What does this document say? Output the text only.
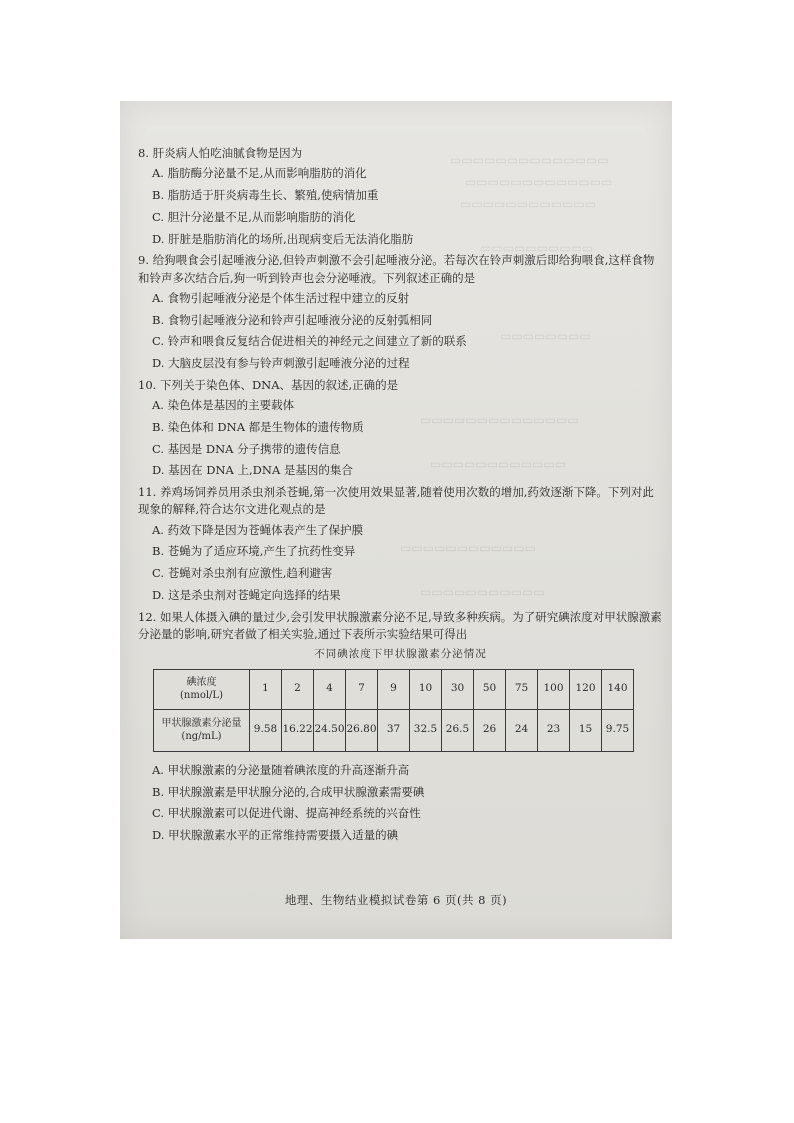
▭▭▭▭▭▭▭▭▭▭▭▭▭▭
▭▭▭▭▭▭▭▭▭▭▭▭▭
▭▭▭▭▭▭▭▭▭▭▭▭
▭▭▭▭▭▭▭▭▭▭
▭▭▭▭▭▭▭▭
▭▭▭▭▭▭▭▭▭▭▭▭▭▭
▭▭▭▭▭▭▭▭▭▭▭▭
▭▭▭▭▭▭▭▭▭▭▭▭
▭▭▭▭▭▭▭▭▭▭▭

8. 肝炎病人怕吃油腻食物是因为

A. 脂肪酶分泌量不足,从而影响脂肪的消化

B. 脂肪适于肝炎病毒生长、繁殖,使病情加重

C. 胆汁分泌量不足,从而影响脂肪的消化

D. 肝脏是脂肪消化的场所,出现病变后无法消化脂肪

9. 给狗喂食会引起唾液分泌,但铃声刺激不会引起唾液分泌。若每次在铃声刺激后即给狗喂食,这样食物和铃声多次结合后,狗一听到铃声也会分泌唾液。下列叙述正确的是

A. 食物引起唾液分泌是个体生活过程中建立的反射

B. 食物引起唾液分泌和铃声引起唾液分泌的反射弧相同

C. 铃声和喂食反复结合促进相关的神经元之间建立了新的联系

D. 大脑皮层没有参与铃声刺激引起唾液分泌的过程

10. 下列关于染色体、DNA、基因的叙述,正确的是

A. 染色体是基因的主要载体

B. 染色体和 DNA 都是生物体的遗传物质

C. 基因是 DNA 分子携带的遗传信息

D. 基因在 DNA 上,DNA 是基因的集合

11. 养鸡场饲养员用杀虫剂杀苍蝇,第一次使用效果显著,随着使用次数的增加,药效逐渐下降。下列对此现象的解释,符合达尔文进化观点的是

A. 药效下降是因为苍蝇体表产生了保护膜

B. 苍蝇为了适应环境,产生了抗药性变异

C. 苍蝇对杀虫剂有应激性,趋利避害

D. 这是杀虫剂对苍蝇定向选择的结果

12. 如果人体摄入碘的量过少,会引发甲状腺激素分泌不足,导致多种疾病。为了研究碘浓度对甲状腺激素分泌量的影响,研究者做了相关实验,通过下表所示实验结果可得出

不同碘浓度下甲状腺激素分泌情况
碘浓度
(nmol/L)	1	2	4	7	9	10	30	50	75	100	120	140
甲状腺激素分泌量
(ng/mL)	9.58	16.22	24.50	26.80	37	32.5	26.5	26	24	23	15	9.75

A. 甲状腺激素的分泌量随着碘浓度的升高逐渐升高

B. 甲状腺激素是甲状腺分泌的,合成甲状腺激素需要碘

C. 甲状腺激素可以促进代谢、提高神经系统的兴奋性

D. 甲状腺激素水平的正常维持需要摄入适量的碘

地理、生物结业模拟试卷第 6 页(共 8 页)
